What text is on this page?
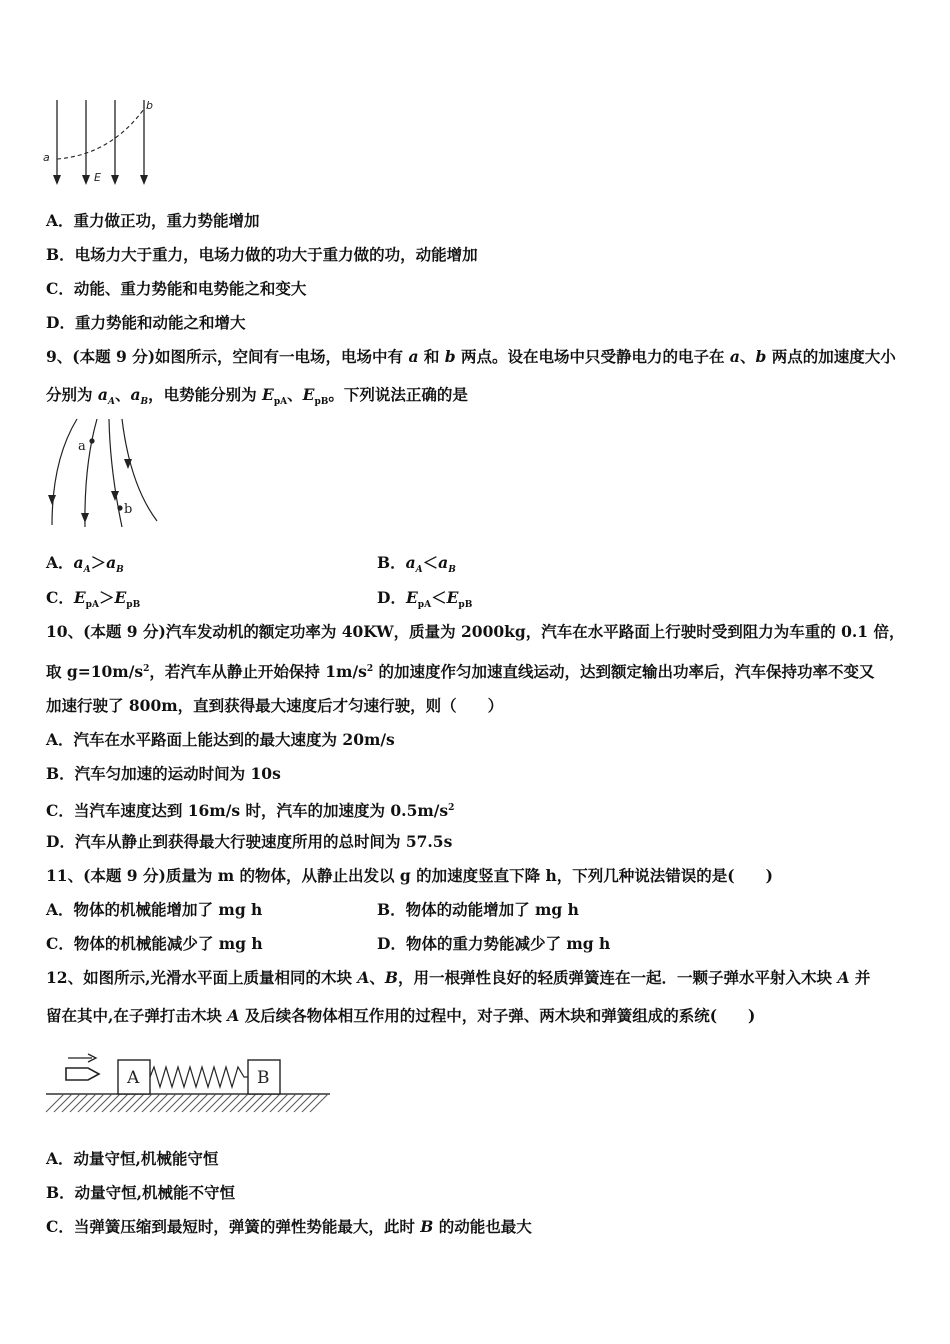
a
b
E
A．重力做正功，重力势能增加
B．电场力大于重力，电场力做的功大于重力做的功，动能增加
C．动能、重力势能和电势能之和变大
D．重力势能和动能之和增大
9、(本题 9 分)如图所示，空间有一电场，电场中有 a 和 b 两点。设在电场中只受静电力的电子在 a、b 两点的加速度大小
分别为 $a_A$、$a_B$，电势能分别为 $E_{pA}$、$E_{pB}$。下列说法正确的是
a
b
A．$a_A>a_B$	B．$a_A<a_B$
C．$E_{pA}>E_{pB}$	D．$E_{pA}<E_{pB}$
10、(本题 9 分)汽车发动机的额定功率为 40KW，质量为 2000kg，汽车在水平路面上行驶时受到阻力为车重的 0.1 倍，
取 $g=10m/s^2$，若汽车从静止开始保持 $1m/s^2$ 的加速度作匀加速直线运动，达到额定输出功率后，汽车保持功率不变又
加速行驶了 800m，直到获得最大速度后才匀速行驶，则（　　）
A．汽车在水平路面上能达到的最大速度为 20m/s
B．汽车匀加速的运动时间为 10s
C．当汽车速度达到 16m/s 时，汽车的加速度为 $0.5m/s^2$
D．汽车从静止到获得最大行驶速度所用的总时间为 57.5s
11、(本题 9 分)质量为 m 的物体，从静止出发以 g 的加速度竖直下降 h，下列几种说法错误的是(　　)
A．物体的机械能增加了 mg h	B．物体的动能增加了 mg h
C．物体的机械能减少了 mg h	D．物体的重力势能减少了 mg h
12、如图所示,光滑水平面上质量相同的木块 A、B，用一根弹性良好的轻质弹簧连在一起．一颗子弹水平射入木块 A 并
留在其中,在子弹打击木块 A 及后续各物体相互作用的过程中，对子弹、两木块和弹簧组成的系统(　　)
A	B
A．动量守恒,机械能守恒
B．动量守恒,机械能不守恒
C．当弹簧压缩到最短时，弹簧的弹性势能最大，此时 B 的动能也最大
